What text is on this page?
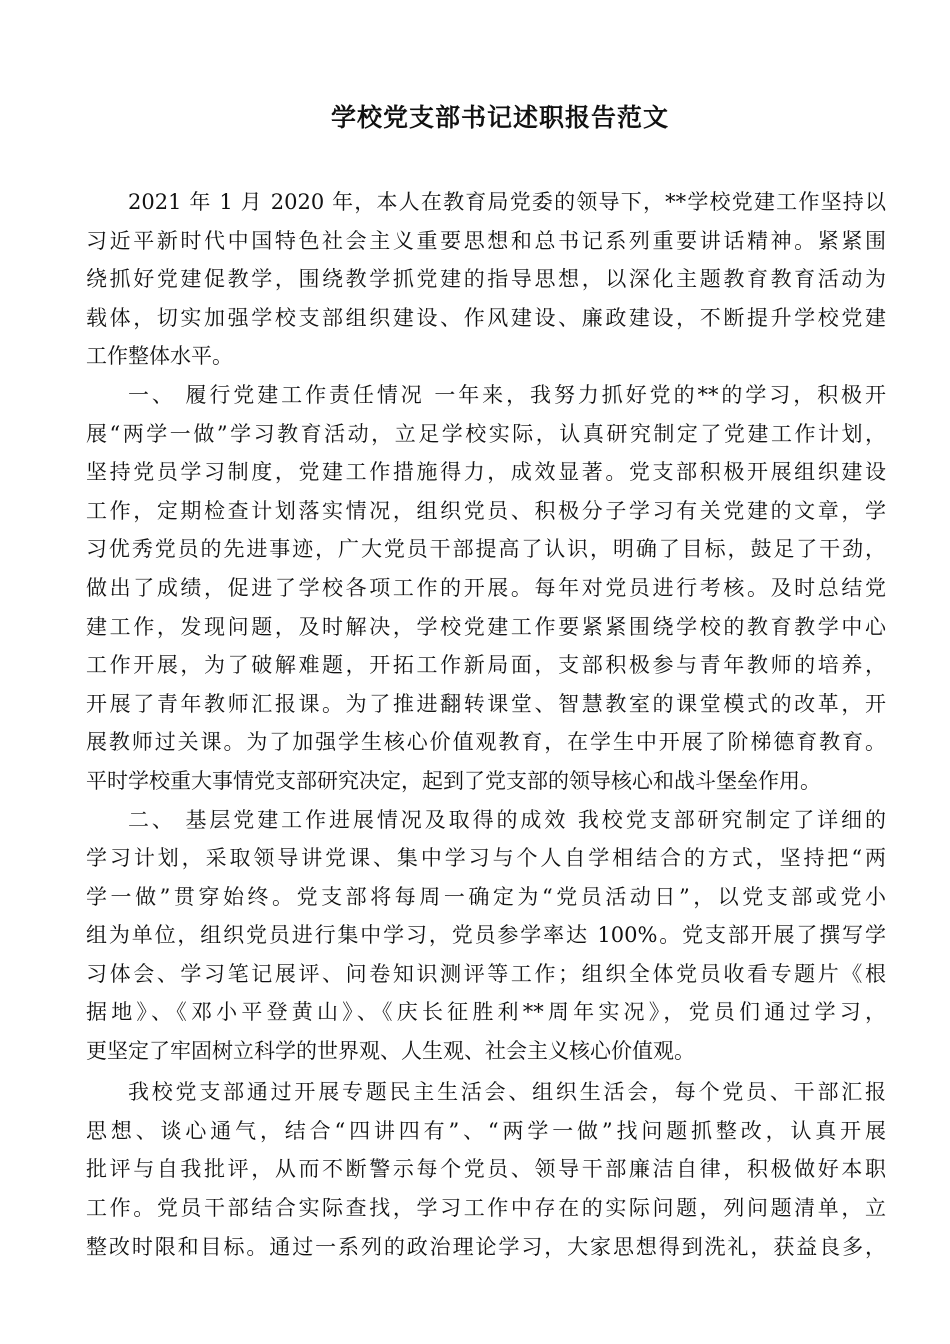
学校党支部书记述职报告范文
2021 年 1 月 2020 年，本人在教育局党委的领导下，**学校党建工作坚持以
习近平新时代中国特色社会主义重要思想和总书记系列重要讲话精神。紧紧围
绕抓好党建促教学，围绕教学抓党建的指导思想，以深化主题教育教育活动为
载体，切实加强学校支部组织建设、作风建设、廉政建设，不断提升学校党建
工作整体水平。
一、 履行党建工作责任情况 一年来，我努力抓好党的**的学习，积极开
展“两学一做”学习教育活动，立足学校实际，认真研究制定了党建工作计划，
坚持党员学习制度，党建工作措施得力，成效显著。党支部积极开展组织建设
工作，定期检查计划落实情况，组织党员、积极分子学习有关党建的文章，学
习优秀党员的先进事迹，广大党员干部提高了认识，明确了目标，鼓足了干劲，
做出了成绩，促进了学校各项工作的开展。每年对党员进行考核。及时总结党
建工作，发现问题，及时解决，学校党建工作要紧紧围绕学校的教育教学中心
工作开展，为了破解难题，开拓工作新局面，支部积极参与青年教师的培养，
开展了青年教师汇报课。为了推进翻转课堂、智慧教室的课堂模式的改革，开
展教师过关课。为了加强学生核心价值观教育，在学生中开展了阶梯德育教育。
平时学校重大事情党支部研究决定，起到了党支部的领导核心和战斗堡垒作用。
二、 基层党建工作进展情况及取得的成效 我校党支部研究制定了详细的
学习计划，采取领导讲党课、集中学习与个人自学相结合的方式，坚持把“两
学一做”贯穿始终。党支部将每周一确定为“党员活动日”，以党支部或党小
组为单位，组织党员进行集中学习，党员参学率达 100%。党支部开展了撰写学
习体会、学习笔记展评、问卷知识测评等工作；组织全体党员收看专题片《根
据地》、《邓小平登黄山》、《庆长征胜利**周年实况》，党员们通过学习，
更坚定了牢固树立科学的世界观、人生观、社会主义核心价值观。
我校党支部通过开展专题民主生活会、组织生活会，每个党员、干部汇报
思想、谈心通气，结合“四讲四有”、“两学一做”找问题抓整改，认真开展
批评与自我批评，从而不断警示每个党员、领导干部廉洁自律，积极做好本职
工作。党员干部结合实际查找，学习工作中存在的实际问题，列问题清单，立
整改时限和目标。通过一系列的政治理论学习，大家思想得到洗礼，获益良多，
